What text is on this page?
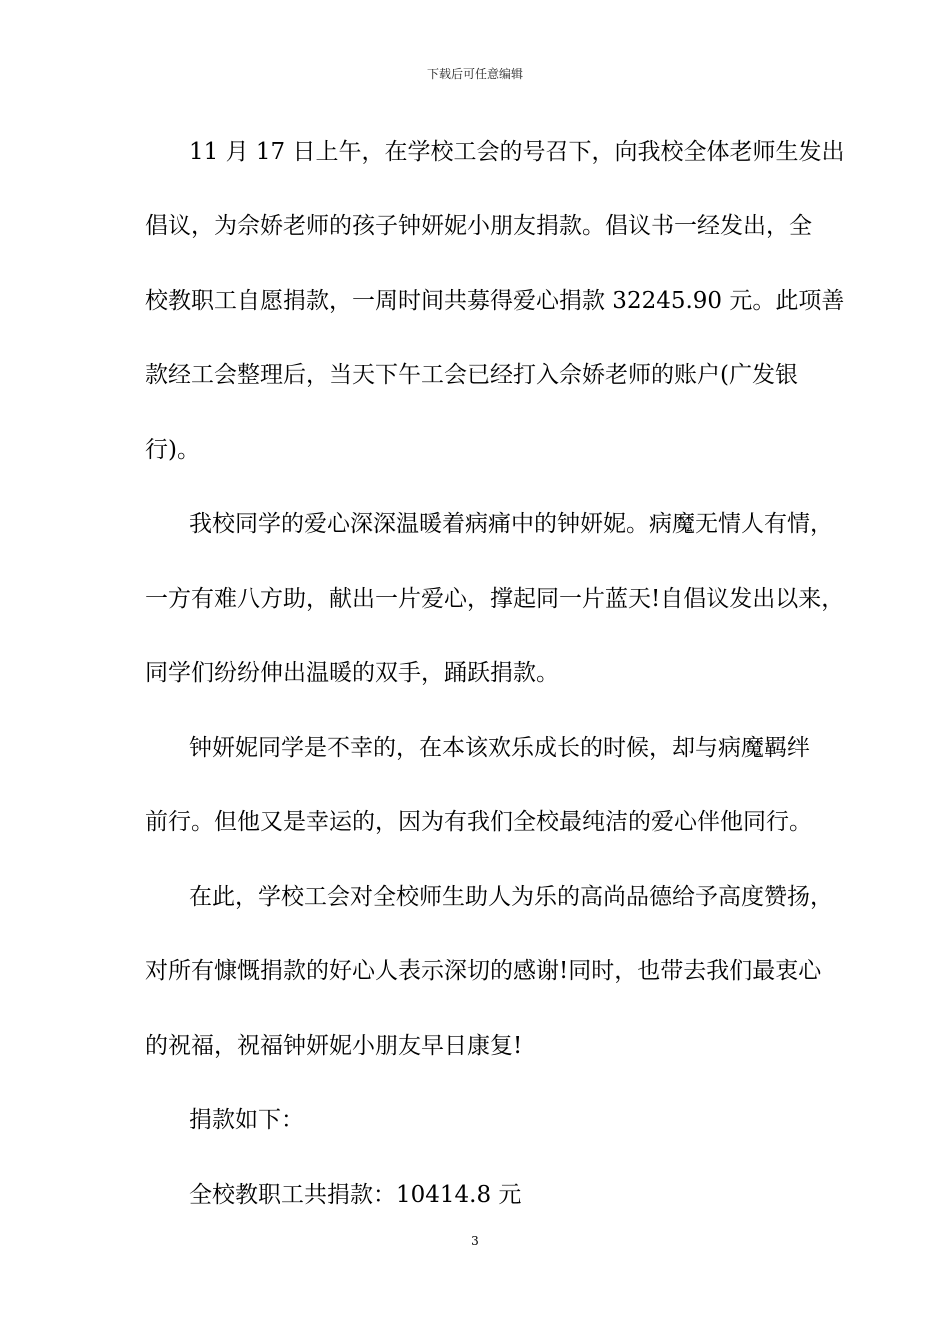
下载后可任意编辑
11 月 17 日上午，在学校工会的号召下，向我校全体老师生发出
倡议，为佘娇老师的孩子钟妍妮小朋友捐款。倡议书一经发出，全
校教职工自愿捐款，一周时间共募得爱心捐款 32245.90 元。此项善
款经工会整理后，当天下午工会已经打入佘娇老师的账户(广发银
行)。
我校同学的爱心深深温暖着病痛中的钟妍妮。病魔无情人有情，
一方有难八方助，献出一片爱心，撑起同一片蓝天!自倡议发出以来，
同学们纷纷伸出温暖的双手，踊跃捐款。
钟妍妮同学是不幸的，在本该欢乐成长的时候，却与病魔羁绊
前行。但他又是幸运的，因为有我们全校最纯洁的爱心伴他同行。
在此，学校工会对全校师生助人为乐的高尚品德给予高度赞扬，
对所有慷慨捐款的好心人表示深切的感谢!同时，也带去我们最衷心
的祝福，祝福钟妍妮小朋友早日康复!
捐款如下：
全校教职工共捐款：10414.8 元
3
